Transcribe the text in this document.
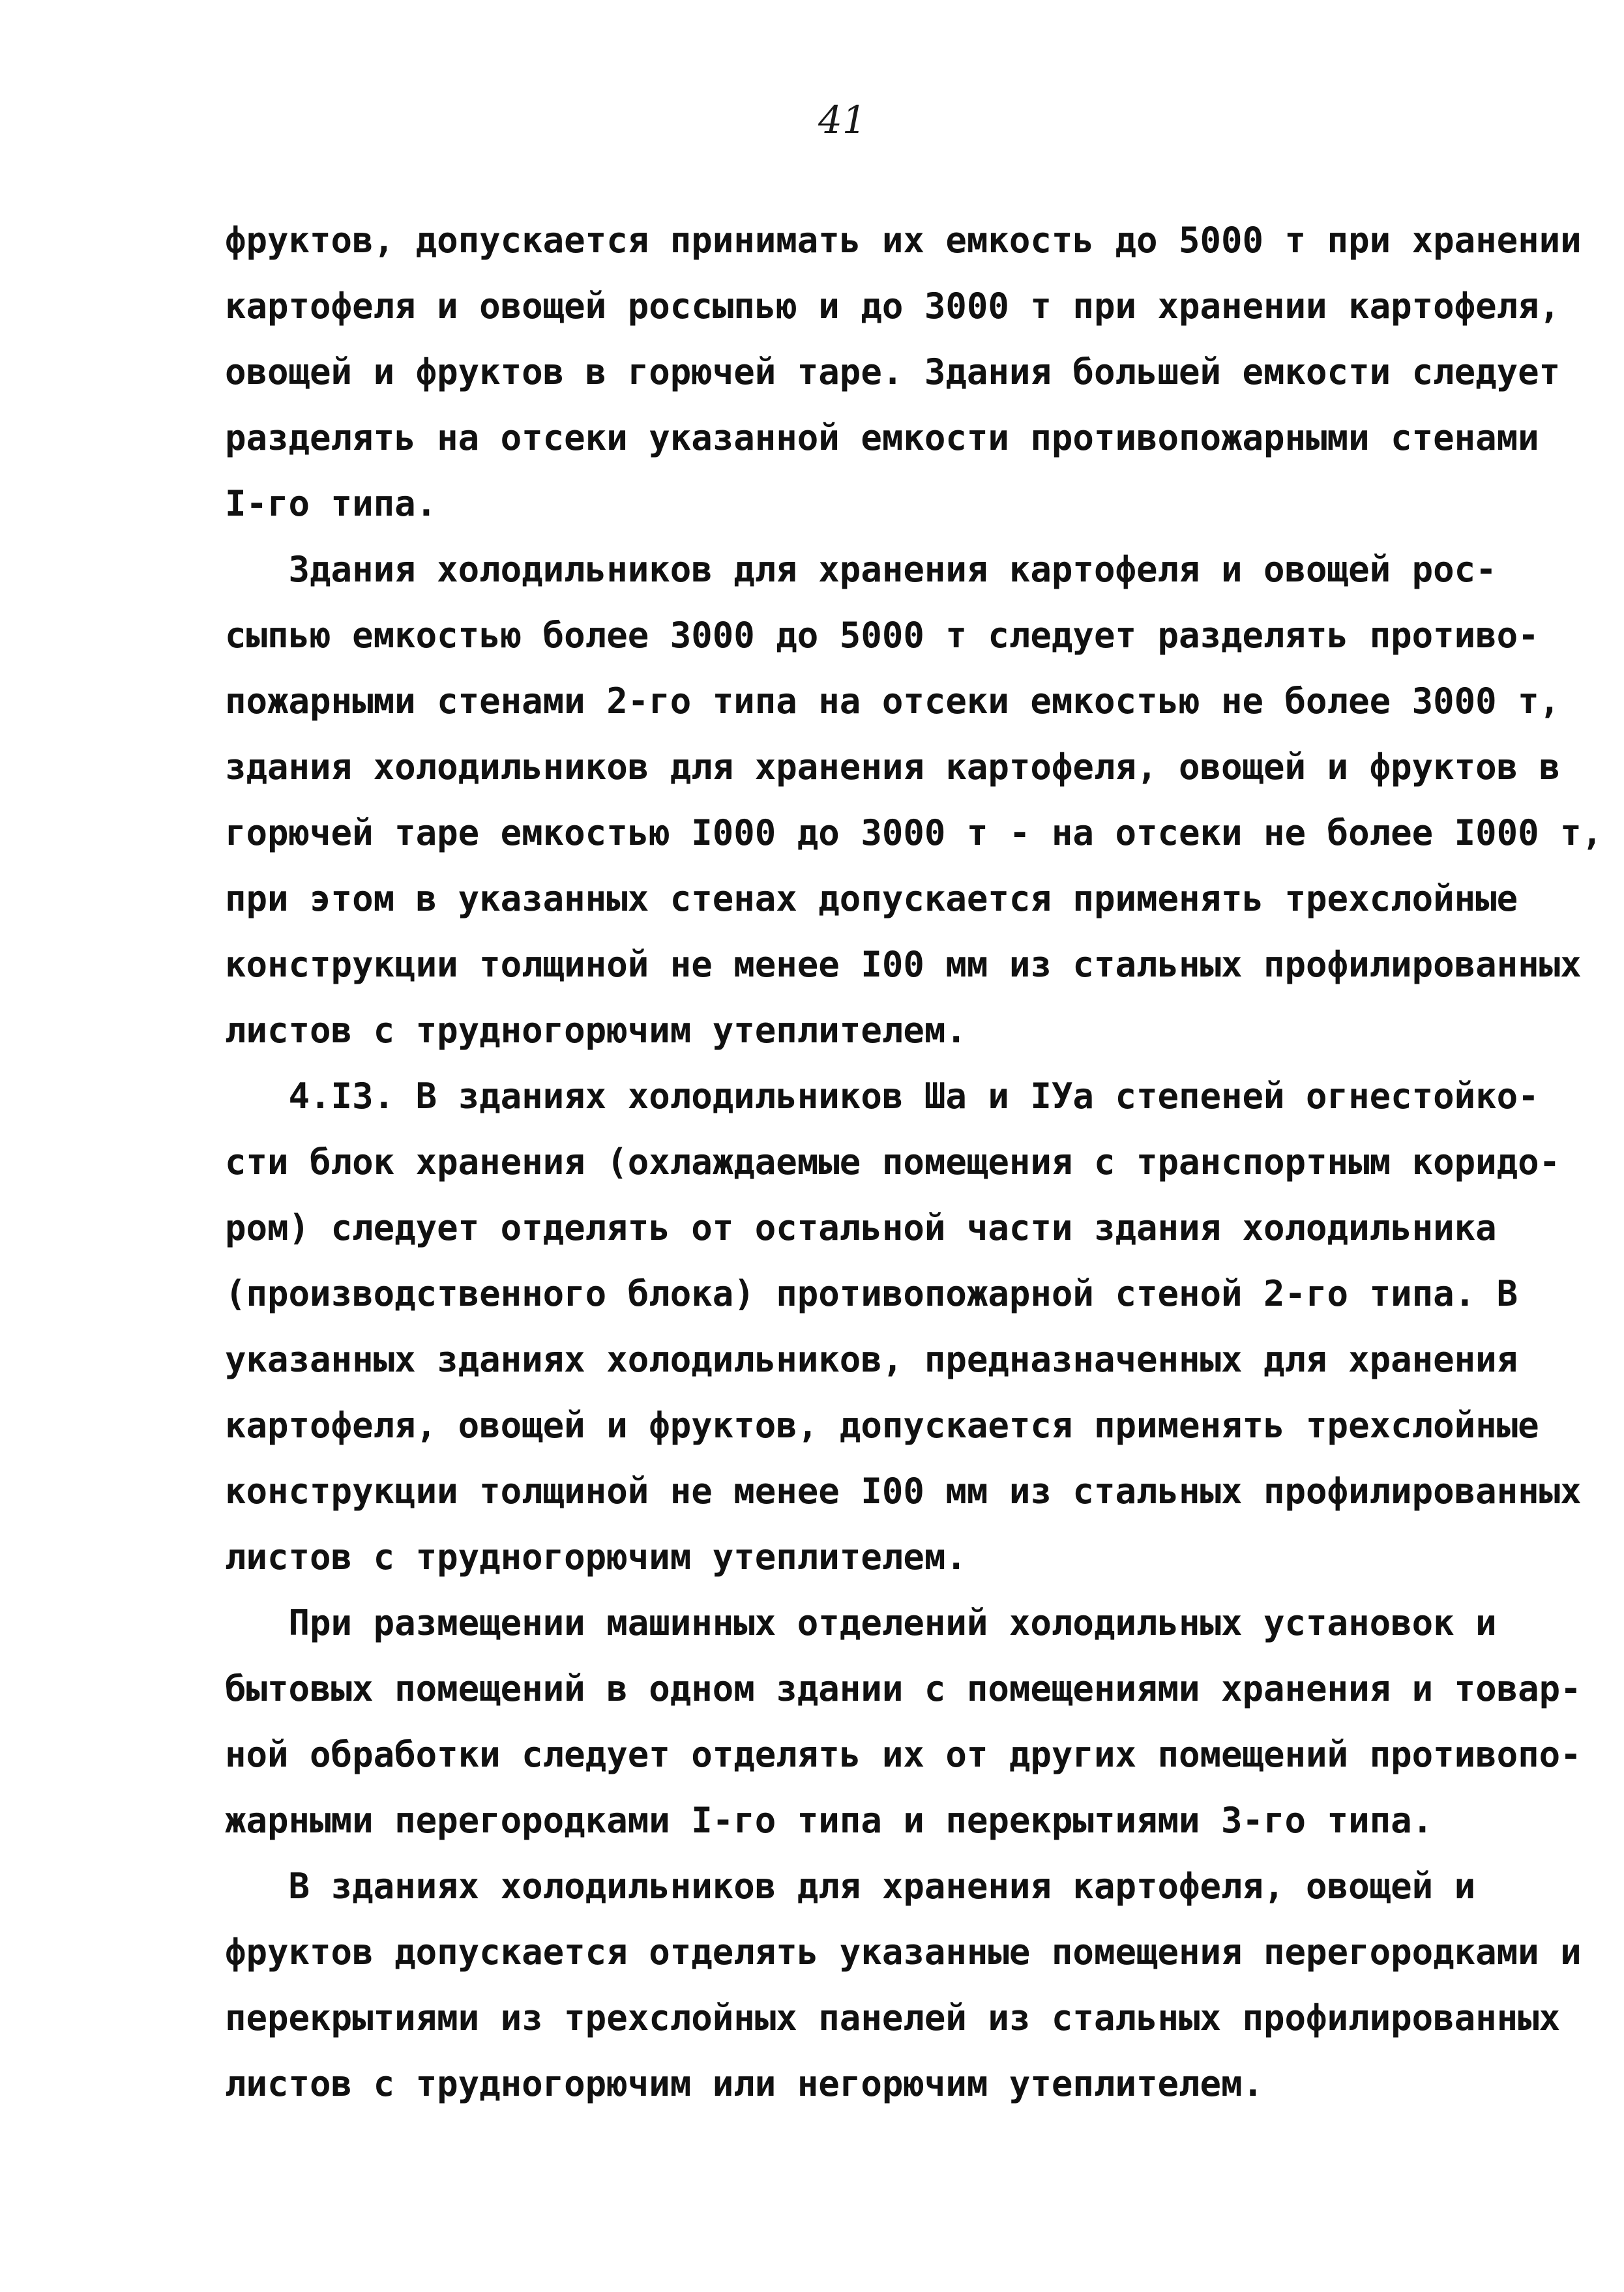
41
фруктов, допускается принимать их емкость до 5000 т при хранении
картофеля и овощей россыпью и до 3000 т при хранении картофеля,
овощей и фруктов в горючей таре. Здания большей емкости следует
разделять на отсеки указанной емкости противопожарными стенами
I-го типа.
Здания холодильников для хранения картофеля и овощей рос-
сыпью емкостью более 3000 до 5000 т следует разделять противо-
пожарными стенами 2-го типа на отсеки емкостью не более 3000 т,
здания холодильников для хранения картофеля, овощей и фруктов в
горючей таре емкостью I000 до 3000 т - на отсеки не более I000 т,
при этом в указанных стенах допускается применять трехслойные
конструкции толщиной не менее I00 мм из стальных профилированных
листов с трудногорючим утеплителем.
4.I3. В зданиях холодильников Шa и IУа степеней огнестойко-
сти блок хранения (охлаждаемые помещения с транспортным коридо-
ром) следует отделять от остальной части здания холодильника
(производственного блока) противопожарной стеной 2-го типа. В
указанных зданиях холодильников, предназначенных для хранения
картофеля, овощей и фруктов, допускается применять трехслойные
конструкции толщиной не менее I00 мм из стальных профилированных
листов с трудногорючим утеплителем.
При размещении машинных отделений холодильных установок и
бытовых помещений в одном здании с помещениями хранения и товар-
ной обработки следует отделять их от других помещений противопо-
жарными перегородками I-го типа и перекрытиями 3-го типа.
В зданиях холодильников для хранения картофеля, овощей и
фруктов допускается отделять указанные помещения перегородками и
перекрытиями из трехслойных панелей из стальных профилированных
листов с трудногорючим или негорючим утеплителем.
